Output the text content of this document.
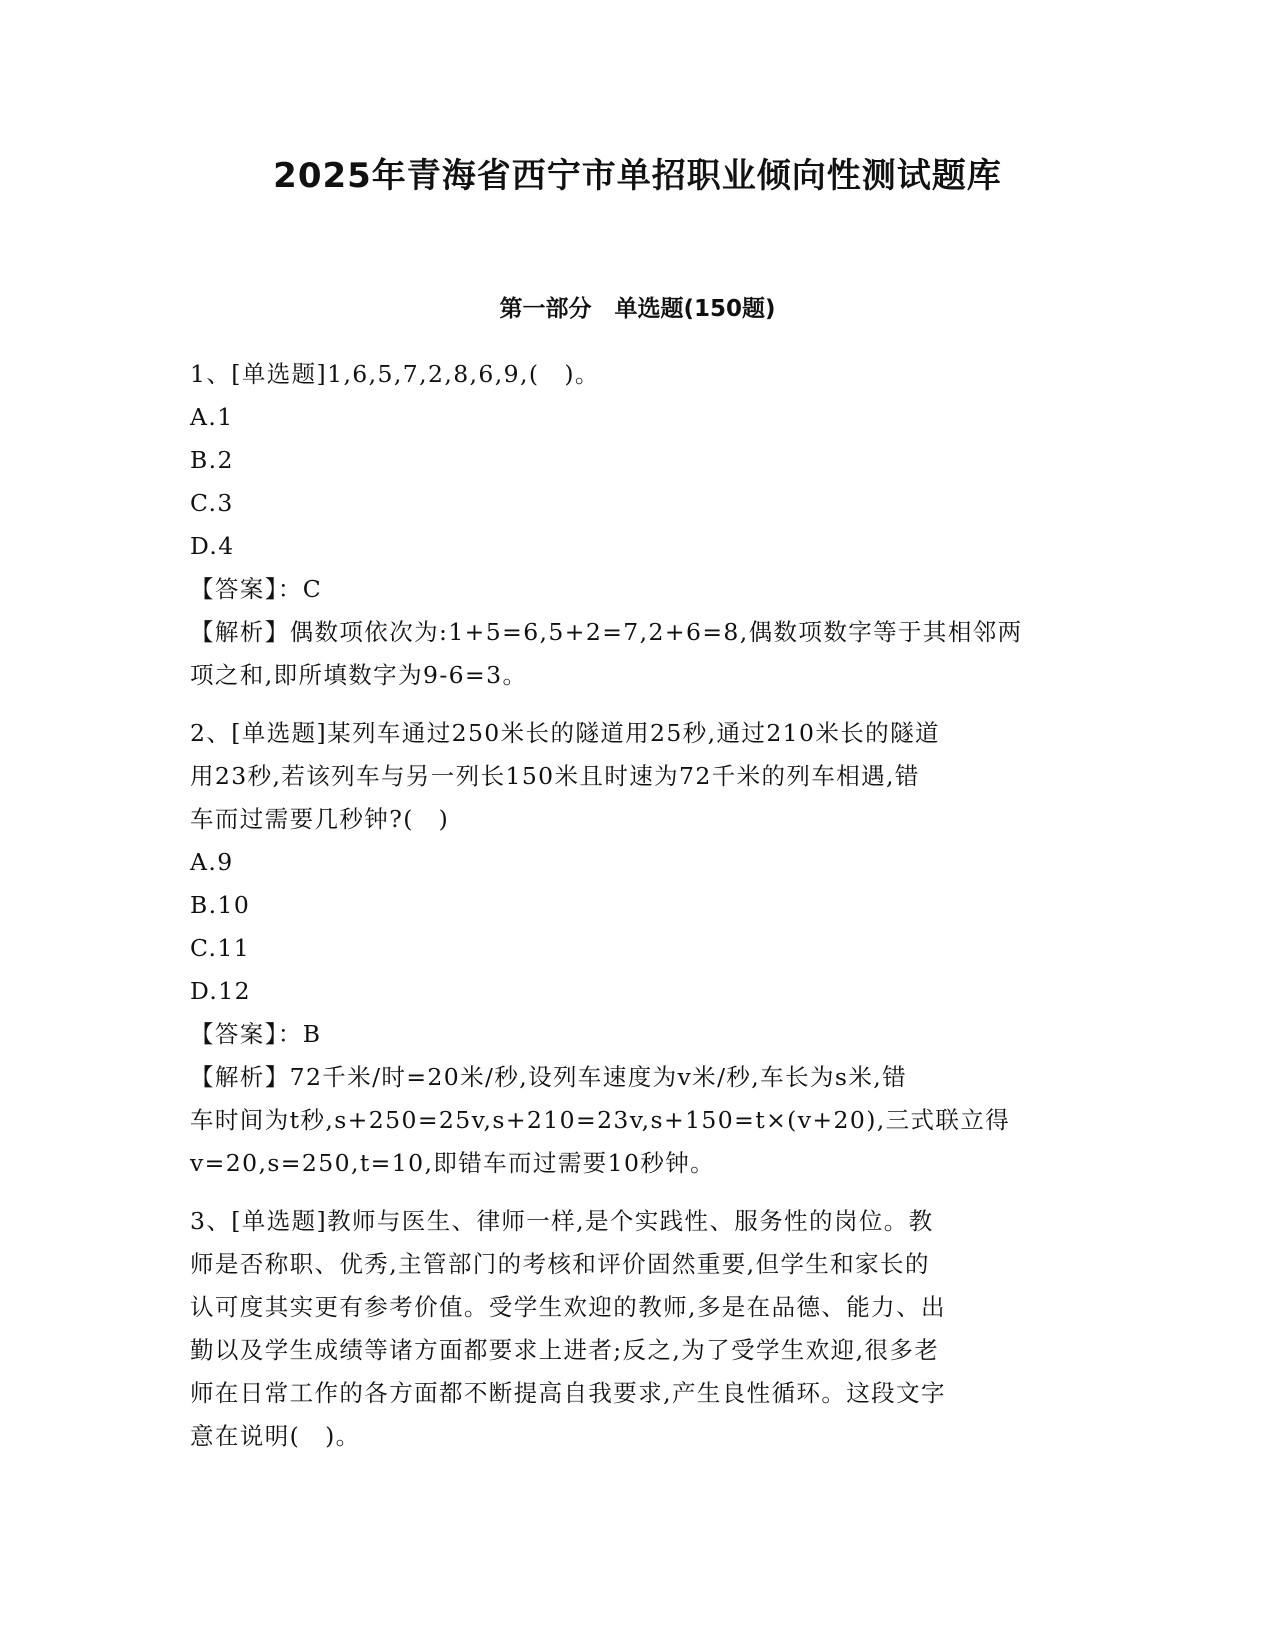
2025年青海省西宁市单招职业倾向性测试题库
第一部分　单选题(150题)
1、[单选题]1,6,5,7,2,8,6,9,(　)。
A.1
B.2
C.3
D.4
【答案】：C
【解析】偶数项依次为:1+5=6,5+2=7,2+6=8,偶数项数字等于其相邻两
项之和,即所填数字为9-6=3。
2、[单选题]某列车通过250米长的隧道用25秒,通过210米长的隧道
用23秒,若该列车与另一列长150米且时速为72千米的列车相遇,错
车而过需要几秒钟?(　)
A.9
B.10
C.11
D.12
【答案】：B
【解析】72千米/时=20米/秒,设列车速度为v米/秒,车长为s米,错
车时间为t秒,s+250=25v,s+210=23v,s+150=t×(v+20),三式联立得
v=20,s=250,t=10,即错车而过需要10秒钟。
3、[单选题]教师与医生、律师一样,是个实践性、服务性的岗位。教
师是否称职、优秀,主管部门的考核和评价固然重要,但学生和家长的
认可度其实更有参考价值。受学生欢迎的教师,多是在品德、能力、出
勤以及学生成绩等诸方面都要求上进者;反之,为了受学生欢迎,很多老
师在日常工作的各方面都不断提高自我要求,产生良性循环。这段文字
意在说明(　)。
